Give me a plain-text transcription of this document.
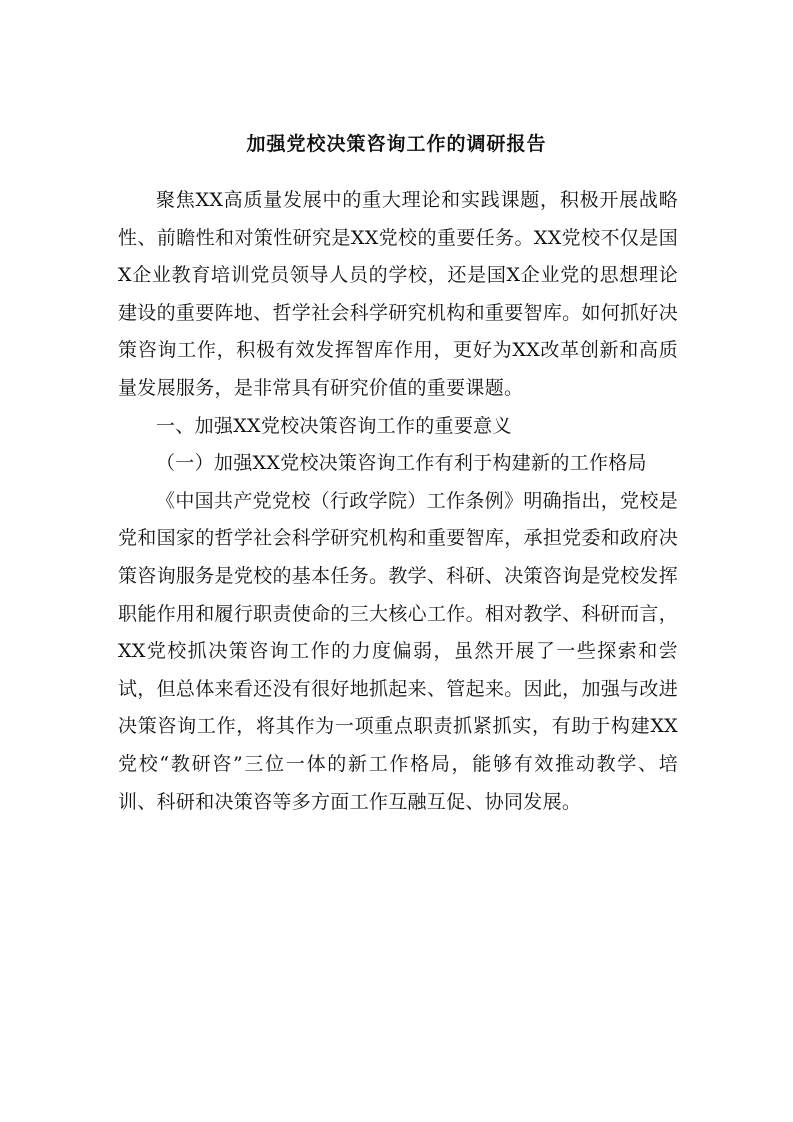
加强党校决策咨询工作的调研报告

聚焦XX高质量发展中的重大理论和实践课题，积极开展战略性、前瞻性和对策性研究是XX党校的重要任务。XX党校不仅是国X企业教育培训党员领导人员的学校，还是国X企业党的思想理论建设的重要阵地、哲学社会科学研究机构和重要智库。如何抓好决策咨询工作，积极有效发挥智库作用，更好为XX改革创新和高质量发展服务，是非常具有研究价值的重要课题。

一、加强XX党校决策咨询工作的重要意义

（一）加强XX党校决策咨询工作有利于构建新的工作格局

《中国共产党党校（行政学院）工作条例》明确指出，党校是党和国家的哲学社会科学研究机构和重要智库，承担党委和政府决策咨询服务是党校的基本任务。教学、科研、决策咨询是党校发挥职能作用和履行职责使命的三大核心工作。相对教学、科研而言，XX党校抓决策咨询工作的力度偏弱，虽然开展了一些探索和尝试，但总体来看还没有很好地抓起来、管起来。因此，加强与改进决策咨询工作，将其作为一项重点职责抓紧抓实，有助于构建XX党校“教研咨”三位一体的新工作格局，能够有效推动教学、培训、科研和决策咨等多方面工作互融互促、协同发展。
